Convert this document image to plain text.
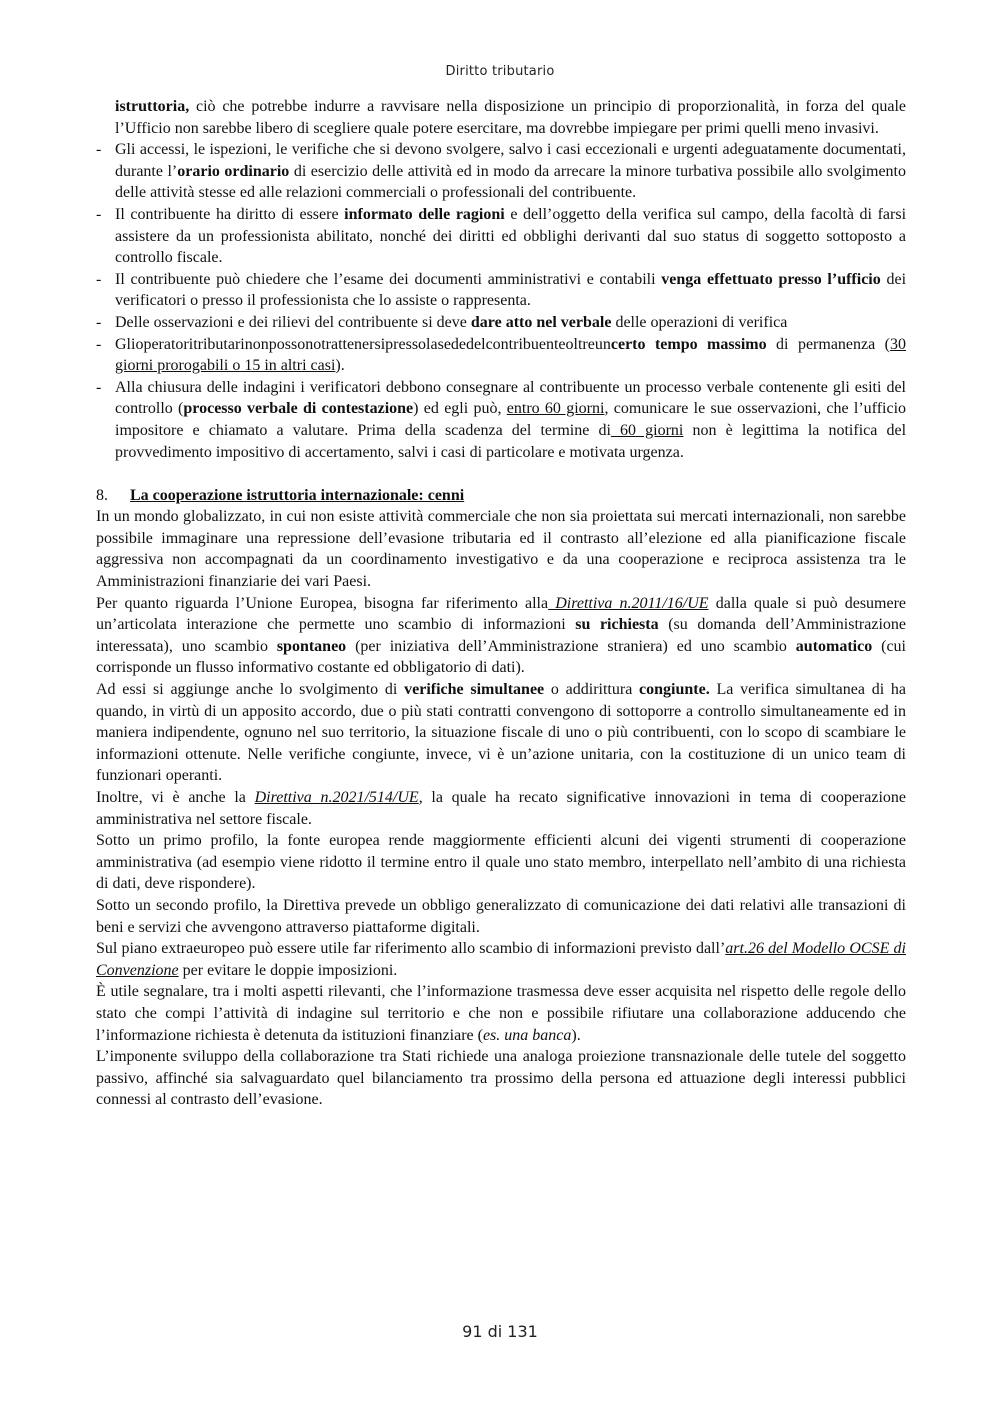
Diritto tributario

istruttoria, ciò che potrebbe indurre a ravvisare nella disposizione un principio di proporzionalità, in forza del quale l’Ufficio non sarebbe libero di scegliere quale potere esercitare, ma dovrebbe impiegare per primi quelli meno invasivi.

- Gli accessi, le ispezioni, le verifiche che si devono svolgere, salvo i casi eccezionali e urgenti adeguatamente documentati, durante l’orario ordinario di esercizio delle attività ed in modo da arrecare la minore turbativa possibile allo svolgimento delle attività stesse ed alle relazioni commerciali o professionali del contribuente.
- Il contribuente ha diritto di essere informato delle ragioni e dell’oggetto della verifica sul campo, della facoltà di farsi assistere da un professionista abilitato, nonché dei diritti ed obblighi derivanti dal suo status di soggetto sottoposto a controllo fiscale.
- Il contribuente può chiedere che l’esame dei documenti amministrativi e contabili venga effettuato presso l’ufficio dei verificatori o presso il professionista che lo assiste o rappresenta.
- Delle osservazioni e dei rilievi del contribuente si deve dare atto nel verbale delle operazioni di verifica
- Glioperatoritributarinonpossonotrattenersipressolasededelcontribuenteoltreuncerto tempo massimo di permanenza (30 giorni prorogabili o 15 in altri casi).
- Alla chiusura delle indagini i verificatori debbono consegnare al contribuente un processo verbale contenente gli esiti del controllo (processo verbale di contestazione) ed egli può, entro 60 giorni, comunicare le sue osservazioni, che l’ufficio impositore e chiamato a valutare. Prima della scadenza del termine di 60 giorni non è legittima la notifica del provvedimento impositivo di accertamento, salvi i casi di particolare e motivata urgenza.

8. La cooperazione istruttoria internazionale: cenni

In un mondo globalizzato, in cui non esiste attività commerciale che non sia proiettata sui mercati internazionali, non sarebbe possibile immaginare una repressione dell’evasione tributaria ed il contrasto all’elezione ed alla pianificazione fiscale aggressiva non accompagnati da un coordinamento investigativo e da una cooperazione e reciproca assistenza tra le Amministrazioni finanziarie dei vari Paesi.

Per quanto riguarda l’Unione Europea, bisogna far riferimento alla Direttiva n.2011/16/UE dalla quale si può desumere un’articolata interazione che permette uno scambio di informazioni su richiesta (su domanda dell’Amministrazione interessata), uno scambio spontaneo (per iniziativa dell’Amministrazione straniera) ed uno scambio automatico (cui corrisponde un flusso informativo costante ed obbligatorio di dati).

Ad essi si aggiunge anche lo svolgimento di verifiche simultanee o addirittura congiunte. La verifica simultanea di ha quando, in virtù di un apposito accordo, due o più stati contratti convengono di sottoporre a controllo simultaneamente ed in maniera indipendente, ognuno nel suo territorio, la situazione fiscale di uno o più contribuenti, con lo scopo di scambiare le informazioni ottenute. Nelle verifiche congiunte, invece, vi è un’azione unitaria, con la costituzione di un unico team di funzionari operanti.

Inoltre, vi è anche la Direttiva n.2021/514/UE, la quale ha recato significative innovazioni in tema di cooperazione amministrativa nel settore fiscale.

Sotto un primo profilo, la fonte europea rende maggiormente efficienti alcuni dei vigenti strumenti di cooperazione amministrativa (ad esempio viene ridotto il termine entro il quale uno stato membro, interpellato nell’ambito di una richiesta di dati, deve rispondere).

Sotto un secondo profilo, la Direttiva prevede un obbligo generalizzato di comunicazione dei dati relativi alle transazioni di beni e servizi che avvengono attraverso piattaforme digitali.

Sul piano extraeuropeo può essere utile far riferimento allo scambio di informazioni previsto dall’art.26 del Modello OCSE di Convenzione per evitare le doppie imposizioni.

È utile segnalare, tra i molti aspetti rilevanti, che l’informazione trasmessa deve esser acquisita nel rispetto delle regole dello stato che compi l’attività di indagine sul territorio e che non e possibile rifiutare una collaborazione adducendo che l’informazione richiesta è detenuta da istituzioni finanziare (es. una banca).

L’imponente sviluppo della collaborazione tra Stati richiede una analoga proiezione transnazionale delle tutele del soggetto passivo, affinché sia salvaguardato quel bilanciamento tra prossimo della persona ed attuazione degli interessi pubblici connessi al contrasto dell’evasione.

91 di 131
